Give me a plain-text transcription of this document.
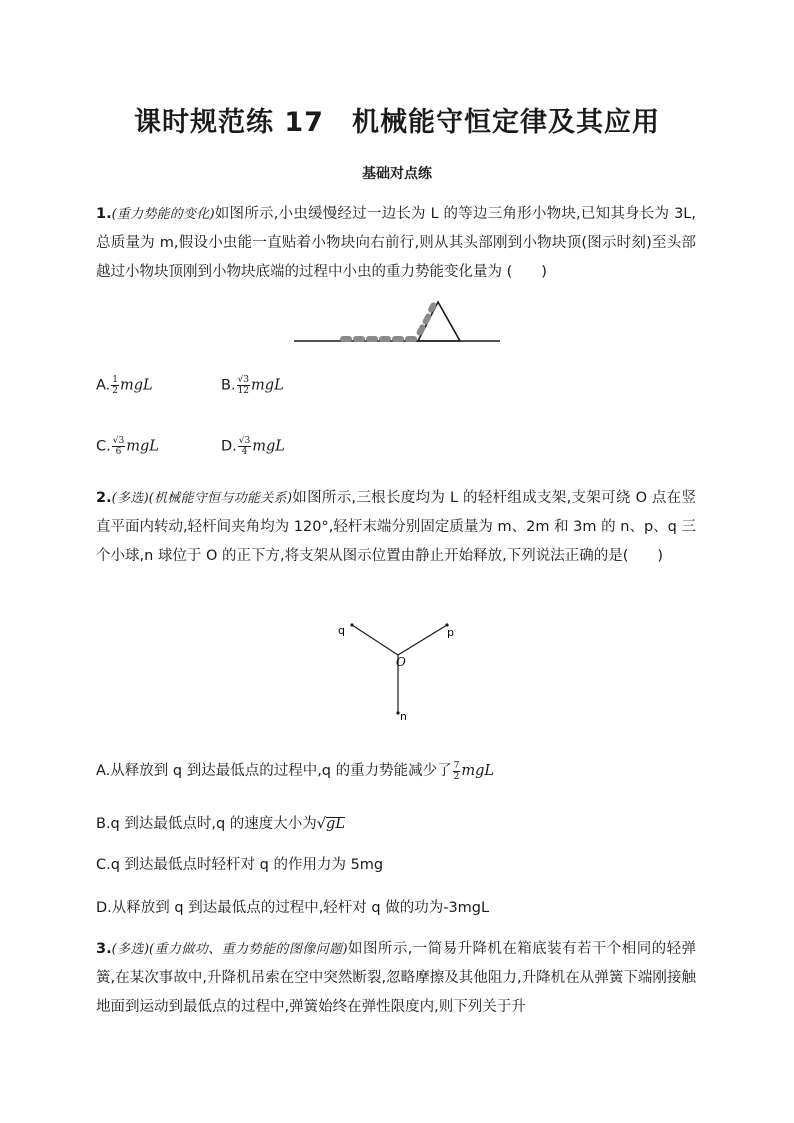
课时规范练 17　机械能守恒定律及其应用
基础对点练
1.(重力势能的变化)如图所示,小虫缓慢经过一边长为 L 的等边三角形小物块,已知其身长为 3L,总质量为 m,假设小虫能一直贴着小物块向右前行,则从其头部刚到小物块顶(图示时刻)至头部越过小物块顶刚到小物块底端的过程中小虫的重力势能变化量为 (　　)
A. $\frac{1}{2}$ mgL	B. $\frac{√3}{12}$ mgL
C. $\frac{√3}{6}$ mgL	D. $\frac{√3}{4}$ mgL
2.(多选)(机械能守恒与功能关系)如图所示,三根长度均为 L 的轻杆组成支架,支架可绕 O 点在竖直平面内转动,轻杆间夹角均为 120°,轻杆末端分别固定质量为 m、2m 和 3m 的 n、p、q 三个小球,n 球位于 O 的正下方,将支架从图示位置由静止开始释放,下列说法正确的是(　　)
q	p
O
n
A.从释放到 q 到达最低点的过程中,q 的重力势能减少了 $\frac{7}{2}$ mgL
B.q 到达最低点时,q 的速度大小为√gL
C.q 到达最低点时轻杆对 q 的作用力为 5mg
D.从释放到 q 到达最低点的过程中,轻杆对 q 做的功为-3mgL
3.(多选)(重力做功、重力势能的图像问题)如图所示,一简易升降机在箱底装有若干个相同的轻弹簧,在某次事故中,升降机吊索在空中突然断裂,忽略摩擦及其他阻力,升降机在从弹簧下端刚接触地面到运动到最低点的过程中,弹簧始终在弹性限度内,则下列关于升
